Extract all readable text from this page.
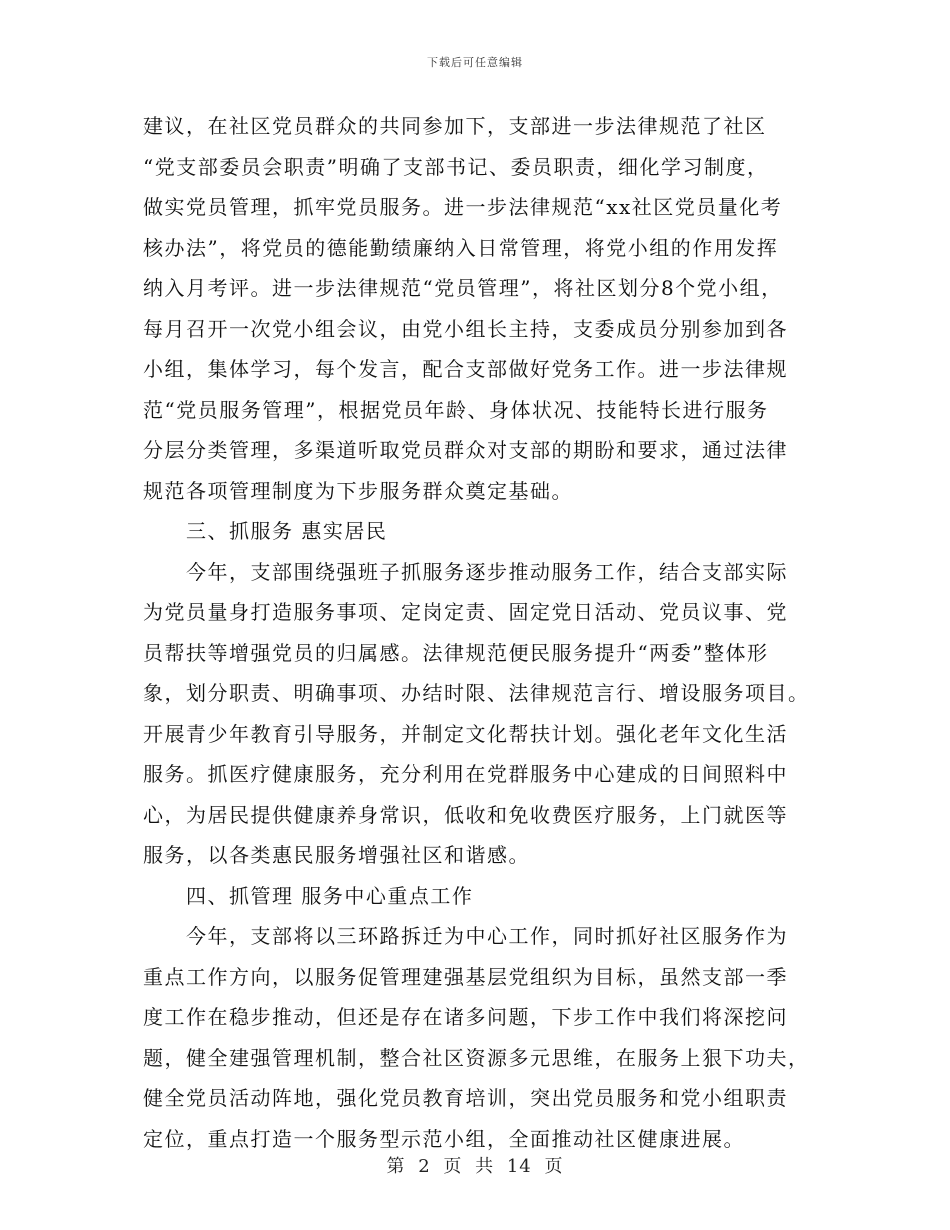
下载后可任意编辑
建议，在社区党员群众的共同参加下，支部进一步法律规范了社区
“党支部委员会职责”明确了支部书记、委员职责，细化学习制度，
做实党员管理，抓牢党员服务。进一步法律规范“xx社区党员量化考
核办法”，将党员的德能勤绩廉纳入日常管理，将党小组的作用发挥
纳入月考评。进一步法律规范“党员管理”，将社区划分8个党小组，
每月召开一次党小组会议，由党小组长主持，支委成员分别参加到各
小组，集体学习，每个发言，配合支部做好党务工作。进一步法律规
范“党员服务管理”，根据党员年龄、身体状况、技能特长进行服务
分层分类管理，多渠道听取党员群众对支部的期盼和要求，通过法律
规范各项管理制度为下步服务群众奠定基础。
三、抓服务 惠实居民
今年，支部围绕强班子抓服务逐步推动服务工作，结合支部实际
为党员量身打造服务事项、定岗定责、固定党日活动、党员议事、党
员帮扶等增强党员的归属感。法律规范便民服务提升“两委”整体形
象，划分职责、明确事项、办结时限、法律规范言行、增设服务项目。
开展青少年教育引导服务，并制定文化帮扶计划。强化老年文化生活
服务。抓医疗健康服务，充分利用在党群服务中心建成的日间照料中
心，为居民提供健康养身常识，低收和免收费医疗服务，上门就医等
服务，以各类惠民服务增强社区和谐感。
四、抓管理 服务中心重点工作
今年，支部将以三环路拆迁为中心工作，同时抓好社区服务作为
重点工作方向，以服务促管理建强基层党组织为目标，虽然支部一季
度工作在稳步推动，但还是存在诸多问题，下步工作中我们将深挖问
题，健全建强管理机制，整合社区资源多元思维，在服务上狠下功夫，
健全党员活动阵地，强化党员教育培训，突出党员服务和党小组职责
定位，重点打造一个服务型示范小组，全面推动社区健康进展。
第 2 页 共 14 页
